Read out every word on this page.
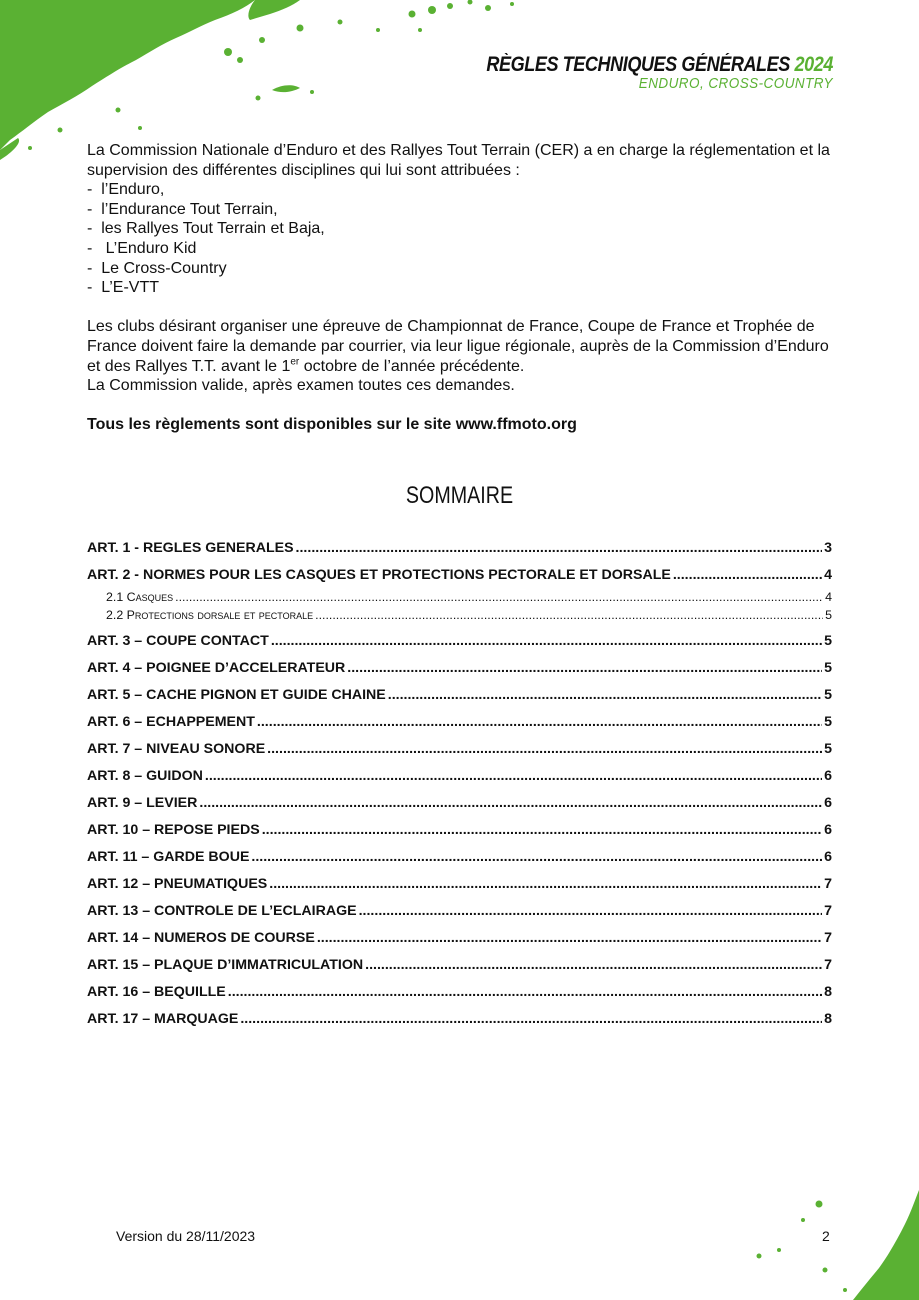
RÈGLES TECHNIQUES GÉNÉRALES 2024
ENDURO, CROSS-COUNTRY

La Commission Nationale d’Enduro et des Rallyes Tout Terrain (CER) a en charge la réglementation et la supervision des différentes disciplines qui lui sont attribuées :

- l’Enduro,
- l’Endurance Tout Terrain,
- les Rallyes Tout Terrain et Baja,
- L’Enduro Kid
- Le Cross-Country
- L’E-VTT

Les clubs désirant organiser une épreuve de Championnat de France, Coupe de France et Trophée de France doivent faire la demande par courrier, via leur ligue régionale, auprès de la Commission d’Enduro et des Rallyes T.T. avant le 1er octobre de l’année précédente.

La Commission valide, après examen toutes ces demandes.

Tous les règlements sont disponibles sur le site www.ffmoto.org

SOMMAIRE
ART. 1 - REGLES GENERALES .....	3
ART. 2 - NORMES POUR LES CASQUES ET PROTECTIONS PECTORALE ET DORSALE .....	4
2.1 Casques .....	4
2.2 Protections dorsale et pectorale .....	5
ART. 3 – COUPE CONTACT .....	5
ART. 4 – POIGNEE D’ACCELERATEUR .....	5
ART. 5 – CACHE PIGNON ET GUIDE CHAINE .....	5
ART. 6 – ECHAPPEMENT .....	5
ART. 7 – NIVEAU SONORE .....	5
ART. 8 – GUIDON .....	6
ART. 9 – LEVIER .....	6
ART. 10 – REPOSE PIEDS .....	6
ART. 11 – GARDE BOUE .....	6
ART. 12 – PNEUMATIQUES .....	7
ART. 13 – CONTROLE DE L’ECLAIRAGE .....	7
ART. 14 – NUMEROS DE COURSE .....	7
ART. 15 – PLAQUE D’IMMATRICULATION .....	7
ART. 16 – BEQUILLE .....	8
ART. 17 – MARQUAGE .....	8
Version du 28/11/2023	2
